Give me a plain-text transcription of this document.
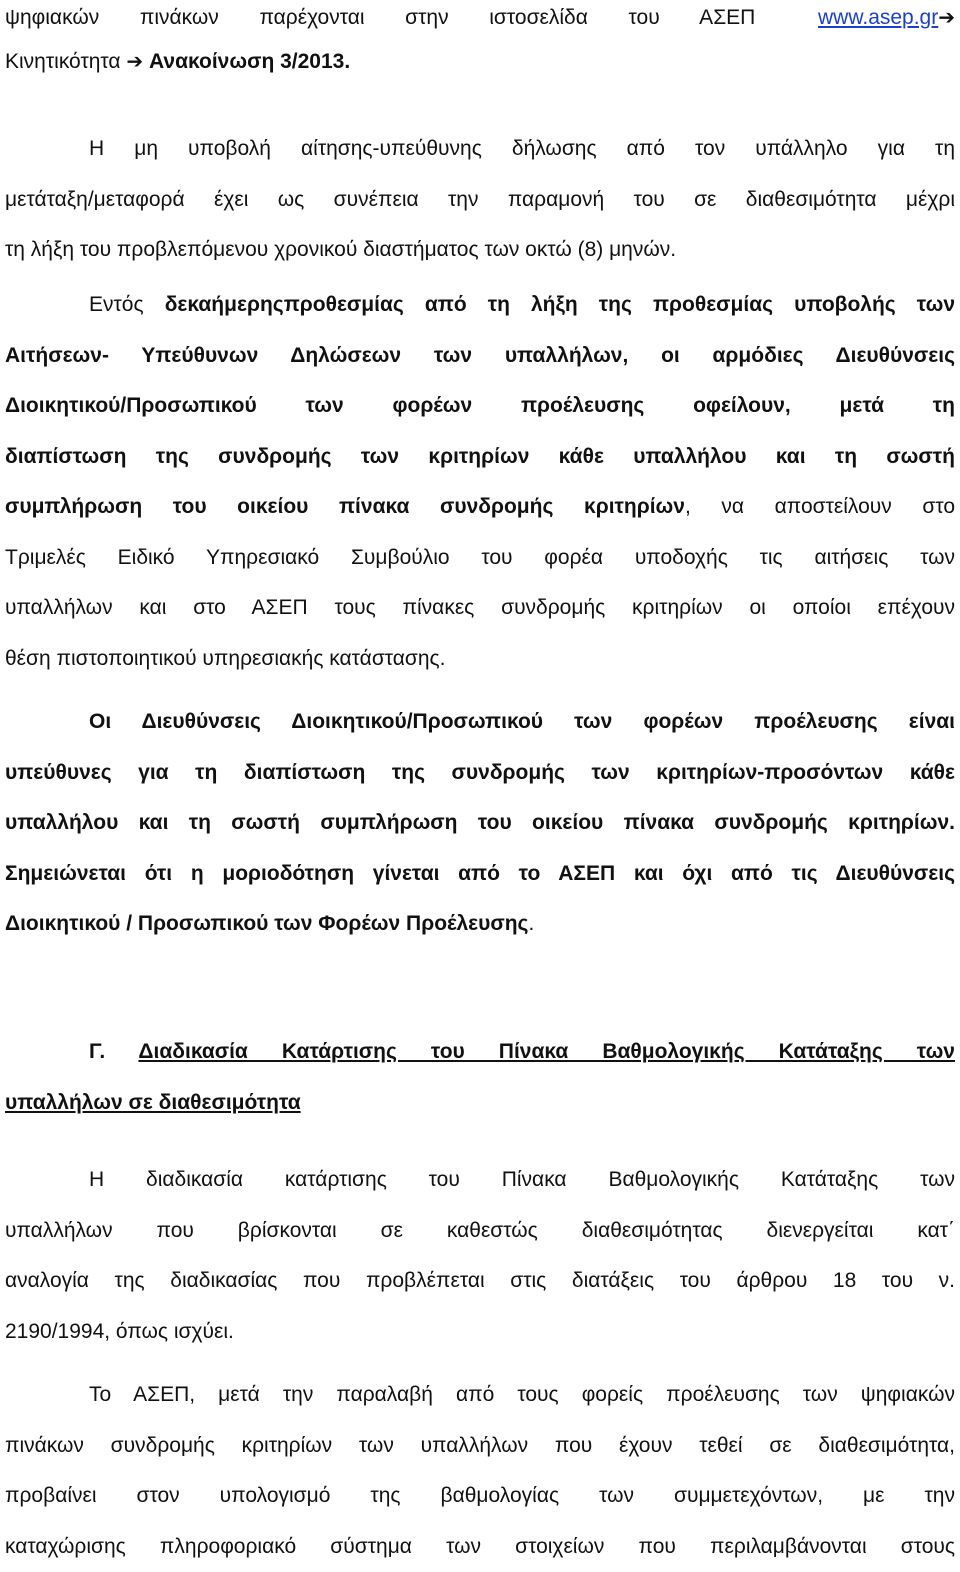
ψηφιακών πινάκων παρέχονται στην ιστοσελίδα του ΑΣΕΠ	www.asep.gr➔
Κινητικότητα ➔ Ανακοίνωση 3/2013.
Η μη υποβολή αίτησης-υπεύθυνης δήλωσης από τον υπάλληλο για τη
μετάταξη/μεταφορά έχει ως συνέπεια την παραμονή του σε διαθεσιμότητα μέχρι
τη λήξη του προβλεπόμενου χρονικού διαστήματος των οκτώ (8) μηνών.
Εντός δεκαήμερηςπροθεσμίας από τη λήξη της προθεσμίας υποβολής των
Αιτήσεων- Υπεύθυνων Δηλώσεων των υπαλλήλων, οι αρμόδιες Διευθύνσεις
Διοικητικού/Προσωπικού των φορέων προέλευσης οφείλουν, μετά τη
διαπίστωση της συνδρομής των κριτηρίων κάθε υπαλλήλου και τη σωστή
συμπλήρωση του οικείου πίνακα συνδρομής κριτηρίων, να αποστείλουν στο
Τριμελές Ειδικό Υπηρεσιακό Συμβούλιο του φορέα υποδοχής τις αιτήσεις των
υπαλλήλων και στο ΑΣΕΠ τους πίνακες συνδρομής κριτηρίων οι οποίοι επέχουν
θέση πιστοποιητικού υπηρεσιακής κατάστασης.
Οι Διευθύνσεις Διοικητικού/Προσωπικού των φορέων προέλευσης είναι
υπεύθυνες για τη διαπίστωση της συνδρομής των κριτηρίων-προσόντων κάθε
υπαλλήλου και τη σωστή συμπλήρωση του οικείου πίνακα συνδρομής κριτηρίων.
Σημειώνεται ότι η μοριοδότηση γίνεται από το ΑΣΕΠ και όχι από τις Διευθύνσεις
Διοικητικού / Προσωπικού των Φορέων Προέλευσης.
Γ. Διαδικασία Κατάρτισης του Πίνακα Βαθμολογικής Κατάταξης των
υπαλλήλων σε διαθεσιμότητα
Η διαδικασία κατάρτισης του Πίνακα Βαθμολογικής Κατάταξης των
υπαλλήλων που βρίσκονται σε καθεστώς διαθεσιμότητας διενεργείται κατ΄
αναλογία της διαδικασίας που προβλέπεται στις διατάξεις του άρθρου 18 του ν.
2190/1994, όπως ισχύει.
Το ΑΣΕΠ, μετά την παραλαβή από τους φορείς προέλευσης των ψηφιακών
πινάκων συνδρομής κριτηρίων των υπαλλήλων που έχουν τεθεί σε διαθεσιμότητα,
προβαίνει στον υπολογισμό της βαθμολογίας των συμμετεχόντων, με την
καταχώρισης πληροφοριακό σύστημα των στοιχείων που περιλαμβάνονται στους
